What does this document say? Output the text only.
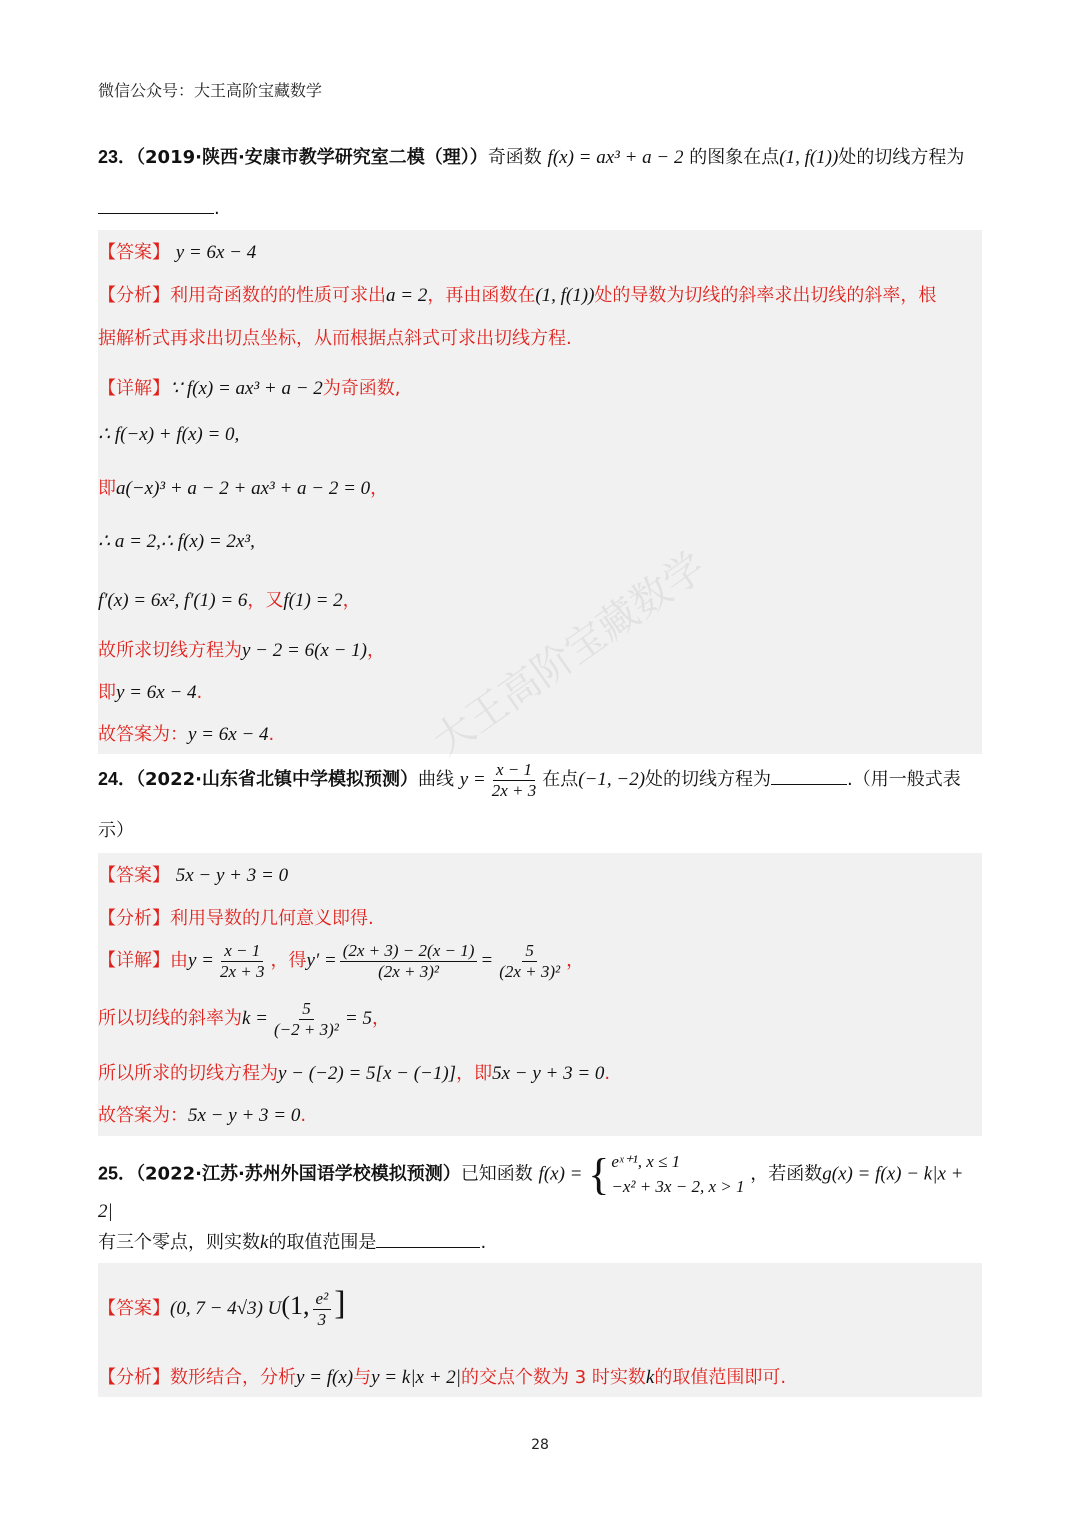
微信公众号：大王高阶宝藏数学
23．（2019·陕西·安康市教学研究室二模（理））奇函数 f(x) = ax³ + a − 2 的图象在点(1, f(1))处的切线方程为
.
【答案】 y = 6x − 4
【分析】利用奇函数的的性质可求出a = 2，再由函数在(1, f(1))处的导数为切线的斜率求出切线的斜率，根
据解析式再求出切点坐标，从而根据点斜式可求出切线方程.
【详解】∵ f(x) = ax³ + a − 2为奇函数,
∴ f(−x) + f(x) = 0,
即a(−x)³ + a − 2 + ax³ + a − 2 = 0，
∴ a = 2,∴ f(x) = 2x³,
f′(x) = 6x², f′(1) = 6，又f(1) = 2，
故所求切线方程为y − 2 = 6(x − 1)，
即y = 6x − 4.
故答案为：y = 6x − 4.
24．（2022·山东省北镇中学模拟预测）曲线 $y = \frac{x - 1}{2x + 3}$ 在点(−1, −2)处的切线方程为	.（用一般式表
示）
【答案】 5x − y + 3 = 0
【分析】利用导数的几何意义即得.
【详解】由$y = \frac{x - 1}{2x + 3}$ ，得$y' = \frac{(2x + 3) - 2(x - 1)}{\text{(2x + 3)²}} = \frac{5}{\text{(2x + 3)²}}$ ，
所以切线的斜率为$k = \frac{5}{\text{(−2 + 3)²}} = 5$，
所以所求的切线方程为y − (−2) = 5[x − (−1)]，即5x − y + 3 = 0.
故答案为：5x − y + 3 = 0.
25．（2022·江苏·苏州外国语学校模拟预测）已知函数 f(x) = { eˣ⁺¹, x ≤ 1
−x² + 3x − 2, x > 1
，若函数g(x) = f(x) − k|x + 2|
有三个零点，则实数k的取值范围是	.
【答案】(0, 7 − 4√3) U(1, $\frac{\text{e²}}{3}$ ]
【分析】数形结合，分析y = f(x)与y = k|x + 2|的交点个数为 3 时实数k的取值范围即可.
28
